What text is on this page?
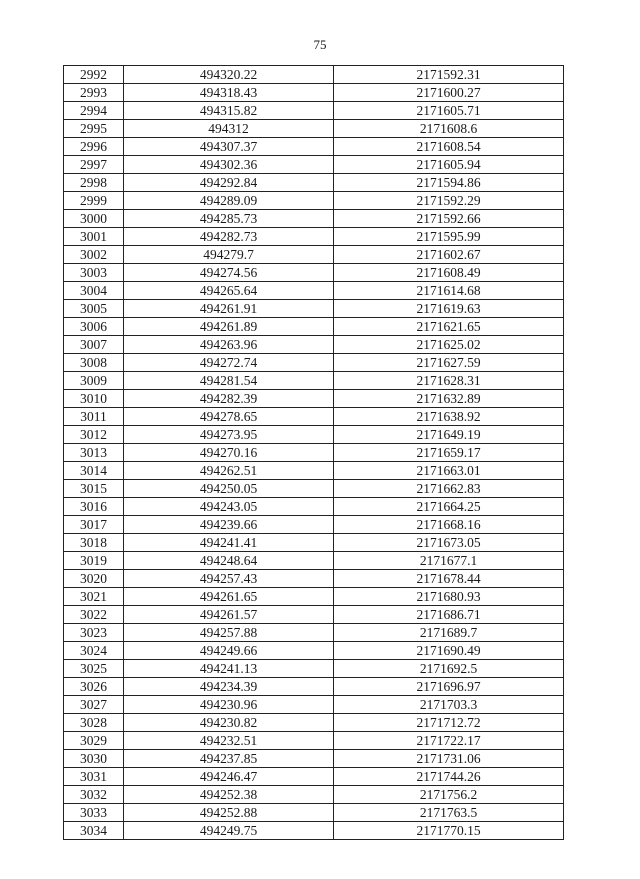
75
2992	494320.22	2171592.31
2993	494318.43	2171600.27
2994	494315.82	2171605.71
2995	494312	2171608.6
2996	494307.37	2171608.54
2997	494302.36	2171605.94
2998	494292.84	2171594.86
2999	494289.09	2171592.29
3000	494285.73	2171592.66
3001	494282.73	2171595.99
3002	494279.7	2171602.67
3003	494274.56	2171608.49
3004	494265.64	2171614.68
3005	494261.91	2171619.63
3006	494261.89	2171621.65
3007	494263.96	2171625.02
3008	494272.74	2171627.59
3009	494281.54	2171628.31
3010	494282.39	2171632.89
3011	494278.65	2171638.92
3012	494273.95	2171649.19
3013	494270.16	2171659.17
3014	494262.51	2171663.01
3015	494250.05	2171662.83
3016	494243.05	2171664.25
3017	494239.66	2171668.16
3018	494241.41	2171673.05
3019	494248.64	2171677.1
3020	494257.43	2171678.44
3021	494261.65	2171680.93
3022	494261.57	2171686.71
3023	494257.88	2171689.7
3024	494249.66	2171690.49
3025	494241.13	2171692.5
3026	494234.39	2171696.97
3027	494230.96	2171703.3
3028	494230.82	2171712.72
3029	494232.51	2171722.17
3030	494237.85	2171731.06
3031	494246.47	2171744.26
3032	494252.38	2171756.2
3033	494252.88	2171763.5
3034	494249.75	2171770.15
